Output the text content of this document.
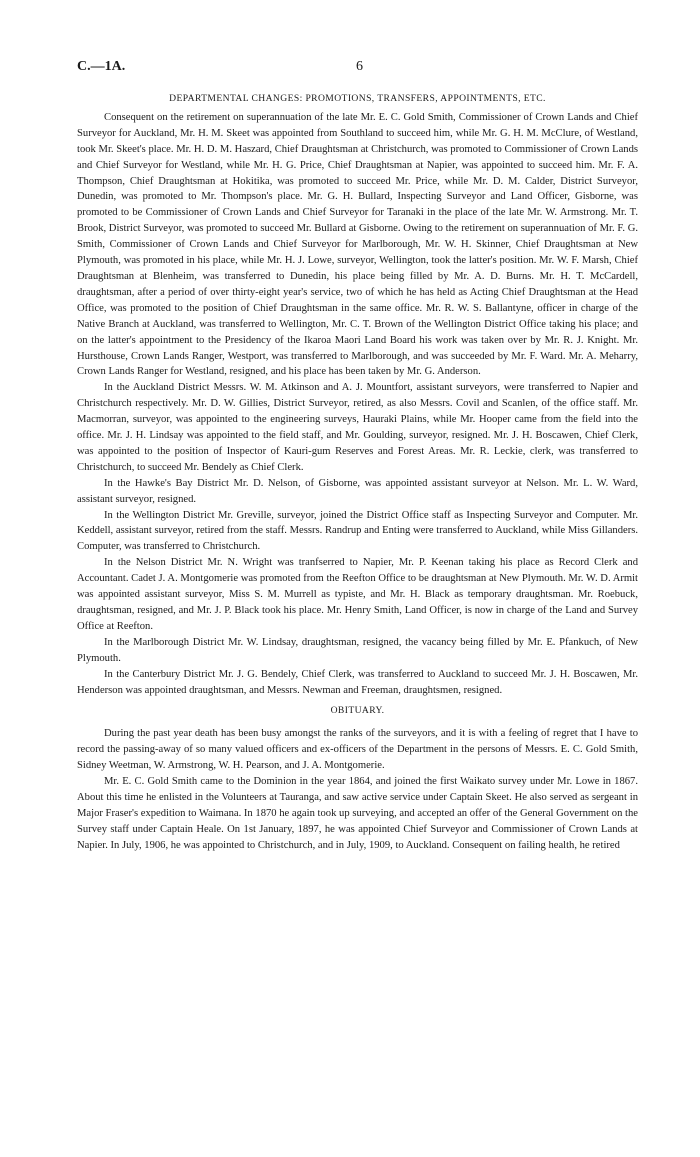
C.—1A.	6
DEPARTMENTAL CHANGES: PROMOTIONS, TRANSFERS, APPOINTMENTS, ETC.

Consequent on the retirement on superannuation of the late Mr. E. C. Gold Smith, Commissioner of Crown Lands and Chief Surveyor for Auckland, Mr. H. M. Skeet was appointed from Southland to succeed him, while Mr. G. H. M. McClure, of Westland, took Mr. Skeet's place. Mr. H. D. M. Haszard, Chief Draughtsman at Christchurch, was promoted to Commissioner of Crown Lands and Chief Surveyor for Westland, while Mr. H. G. Price, Chief Draughtsman at Napier, was appointed to succeed him. Mr. F. A. Thompson, Chief Draughtsman at Hokitika, was promoted to succeed Mr. Price, while Mr. D. M. Calder, District Surveyor, Dunedin, was promoted to Mr. Thompson's place. Mr. G. H. Bullard, Inspecting Surveyor and Land Officer, Gisborne, was promoted to be Commissioner of Crown Lands and Chief Surveyor for Taranaki in the place of the late Mr. W. Armstrong. Mr. T. Brook, District Surveyor, was promoted to succeed Mr. Bullard at Gisborne. Owing to the retirement on superannuation of Mr. F. G. Smith, Commissioner of Crown Lands and Chief Surveyor for Marlborough, Mr. W. H. Skinner, Chief Draughtsman at New Plymouth, was promoted in his place, while Mr. H. J. Lowe, surveyor, Wellington, took the latter's position. Mr. W. F. Marsh, Chief Draughtsman at Blenheim, was transferred to Dunedin, his place being filled by Mr. A. D. Burns. Mr. H. T. McCardell, draughtsman, after a period of over thirty-eight year's service, two of which he has held as Acting Chief Draughtsman at the Head Office, was promoted to the position of Chief Draughtsman in the same office. Mr. R. W. S. Ballantyne, officer in charge of the Native Branch at Auckland, was transferred to Wellington, Mr. C. T. Brown of the Wellington District Office taking his place; and on the latter's appointment to the Presidency of the Ikaroa Maori Land Board his work was taken over by Mr. R. J. Knight. Mr. Hursthouse, Crown Lands Ranger, Westport, was transferred to Marlborough, and was succeeded by Mr. F. Ward. Mr. A. Meharry, Crown Lands Ranger for Westland, resigned, and his place has been taken by Mr. G. Anderson.

In the Auckland District Messrs. W. M. Atkinson and A. J. Mountfort, assistant surveyors, were transferred to Napier and Christchurch respectively. Mr. D. W. Gillies, District Surveyor, retired, as also Messrs. Covil and Scanlen, of the office staff. Mr. Macmorran, surveyor, was appointed to the engineering surveys, Hauraki Plains, while Mr. Hooper came from the field into the office. Mr. J. H. Lindsay was appointed to the field staff, and Mr. Goulding, surveyor, resigned. Mr. J. H. Boscawen, Chief Clerk, was appointed to the position of Inspector of Kauri-gum Reserves and Forest Areas. Mr. R. Leckie, clerk, was transferred to Christchurch, to succeed Mr. Bendely as Chief Clerk.

In the Hawke's Bay District Mr. D. Nelson, of Gisborne, was appointed assistant surveyor at Nelson. Mr. L. W. Ward, assistant surveyor, resigned.

In the Wellington District Mr. Greville, surveyor, joined the District Office staff as Inspecting Surveyor and Computer. Mr. Keddell, assistant surveyor, retired from the staff. Messrs. Randrup and Enting were transferred to Auckland, while Miss Gillanders. Computer, was transferred to Christchurch.

In the Nelson District Mr. N. Wright was tranfserred to Napier, Mr. P. Keenan taking his place as Record Clerk and Accountant. Cadet J. A. Montgomerie was promoted from the Reefton Office to be draughtsman at New Plymouth. Mr. W. D. Armit was appointed assistant surveyor, Miss S. M. Murrell as typiste, and Mr. H. Black as temporary draughtsman. Mr. Roebuck, draughtsman, resigned, and Mr. J. P. Black took his place. Mr. Henry Smith, Land Officer, is now in charge of the Land and Survey Office at Reefton.

In the Marlborough District Mr. W. Lindsay, draughtsman, resigned, the vacancy being filled by Mr. E. Pfankuch, of New Plymouth.

In the Canterbury District Mr. J. G. Bendely, Chief Clerk, was transferred to Auckland to succeed Mr. J. H. Boscawen, Mr. Henderson was appointed draughtsman, and Messrs. Newman and Freeman, draughtsmen, resigned.

OBITUARY.

During the past year death has been busy amongst the ranks of the surveyors, and it is with a feeling of regret that I have to record the passing-away of so many valued officers and ex-officers of the Department in the persons of Messrs. E. C. Gold Smith, Sidney Weetman, W. Armstrong, W. H. Pearson, and J. A. Montgomerie.

Mr. E. C. Gold Smith came to the Dominion in the year 1864, and joined the first Waikato survey under Mr. Lowe in 1867. About this time he enlisted in the Volunteers at Tauranga, and saw active service under Captain Skeet. He also served as sergeant in Major Fraser's expedition to Waimana. In 1870 he again took up surveying, and accepted an offer of the General Government on the Survey staff under Captain Heale. On 1st January, 1897, he was appointed Chief Surveyor and Commissioner of Crown Lands at Napier. In July, 1906, he was appointed to Christchurch, and in July, 1909, to Auckland. Consequent on failing health, he retired
